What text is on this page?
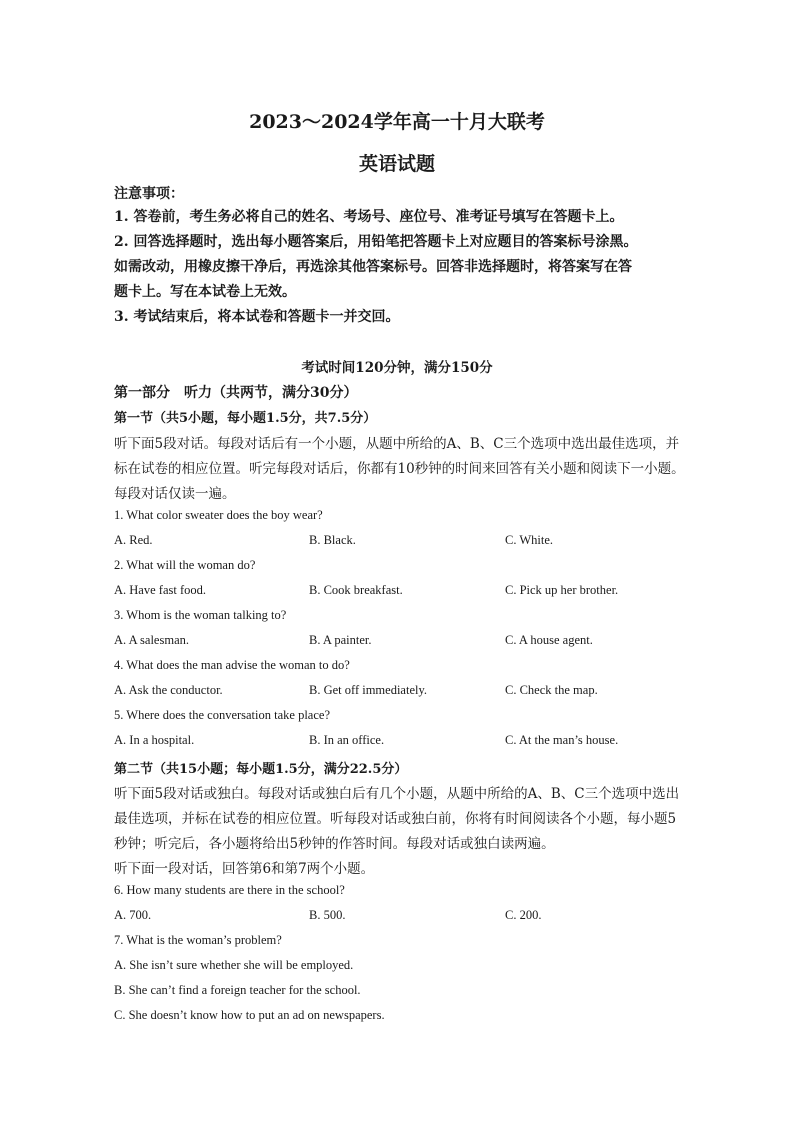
2023～2024学年高一十月大联考
英语试题
注意事项：
1. 答卷前，考生务必将自己的姓名、考场号、座位号、准考证号填写在答题卡上。
2. 回答选择题时，选出每小题答案后，用铅笔把答题卡上对应题目的答案标号涂黑。
如需改动，用橡皮擦干净后，再选涂其他答案标号。回答非选择题时，将答案写在答
题卡上。写在本试卷上无效。
3. 考试结束后，将本试卷和答题卡一并交回。
考试时间120分钟，满分150分
第一部分　听力（共两节，满分30分）
第一节（共5小题，每小题1.5分，共7.5分）
听下面5段对话。每段对话后有一个小题，从题中所给的A、B、C三个选项中选出最佳选项，并
标在试卷的相应位置。听完每段对话后，你都有10秒钟的时间来回答有关小题和阅读下一小题。
每段对话仅读一遍。
1. What color sweater does the boy wear?
A. Red.	B. Black.	C. White.
2. What will the woman do?
A. Have fast food.	B. Cook breakfast.	C. Pick up her brother.
3. Whom is the woman talking to?
A. A salesman.	B. A painter.	C. A house agent.
4. What does the man advise the woman to do?
A. Ask the conductor.	B. Get off immediately.	C. Check the map.
5. Where does the conversation take place?
A. In a hospital.	B. In an office.	C. At the man’s house.
第二节（共15小题；每小题1.5分，满分22.5分）
听下面5段对话或独白。每段对话或独白后有几个小题，从题中所给的A、B、C三个选项中选出
最佳选项，并标在试卷的相应位置。听每段对话或独白前，你将有时间阅读各个小题，每小题5
秒钟；听完后，各小题将给出5秒钟的作答时间。每段对话或独白读两遍。
听下面一段对话，回答第6和第7两个小题。
6. How many students are there in the school?
A. 700.	B. 500.	C. 200.
7. What is the woman’s problem?
A. She isn’t sure whether she will be employed.
B. She can’t find a foreign teacher for the school.
C. She doesn’t know how to put an ad on newspapers.
